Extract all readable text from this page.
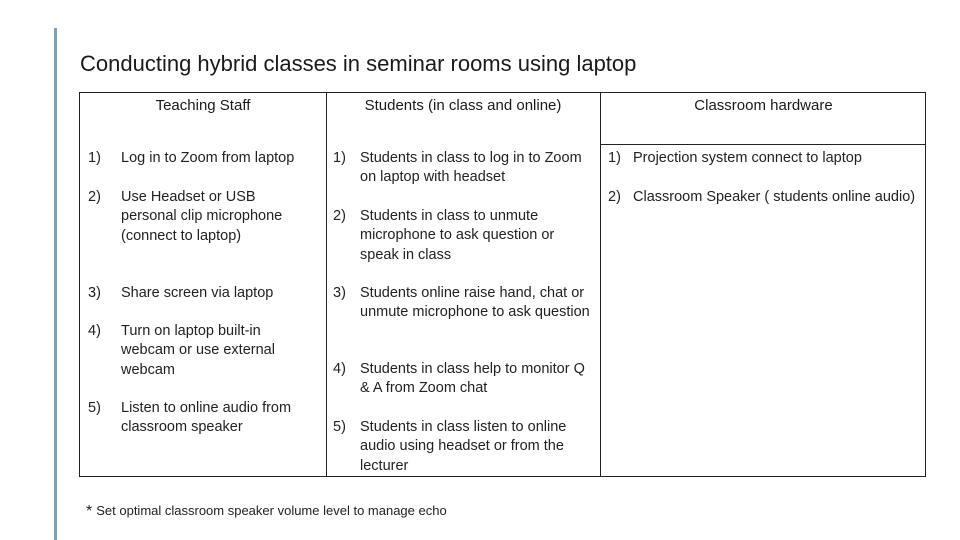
Conducting hybrid classes in seminar rooms using laptop
Teaching Staff	Students (in class and online)	Classroom hardware
1) Log in to Zoom from laptop
2) Use Headset or USB personal clip microphone (connect to laptop)
3) Share screen via laptop
4) Turn on laptop built-in webcam or use external webcam
5) Listen to online audio from classroom speaker
1) Students in class to log in to Zoom on laptop with headset
2) Students in class to unmute microphone to ask question or speak in class
3) Students online raise hand, chat or unmute microphone to ask question
4) Students in class help to monitor Q & A from Zoom chat
5) Students in class listen to online audio using headset or from the lecturer
1) Projection system connect to laptop
2) Classroom Speaker ( students online audio)
* Set optimal classroom speaker volume level to manage echo
